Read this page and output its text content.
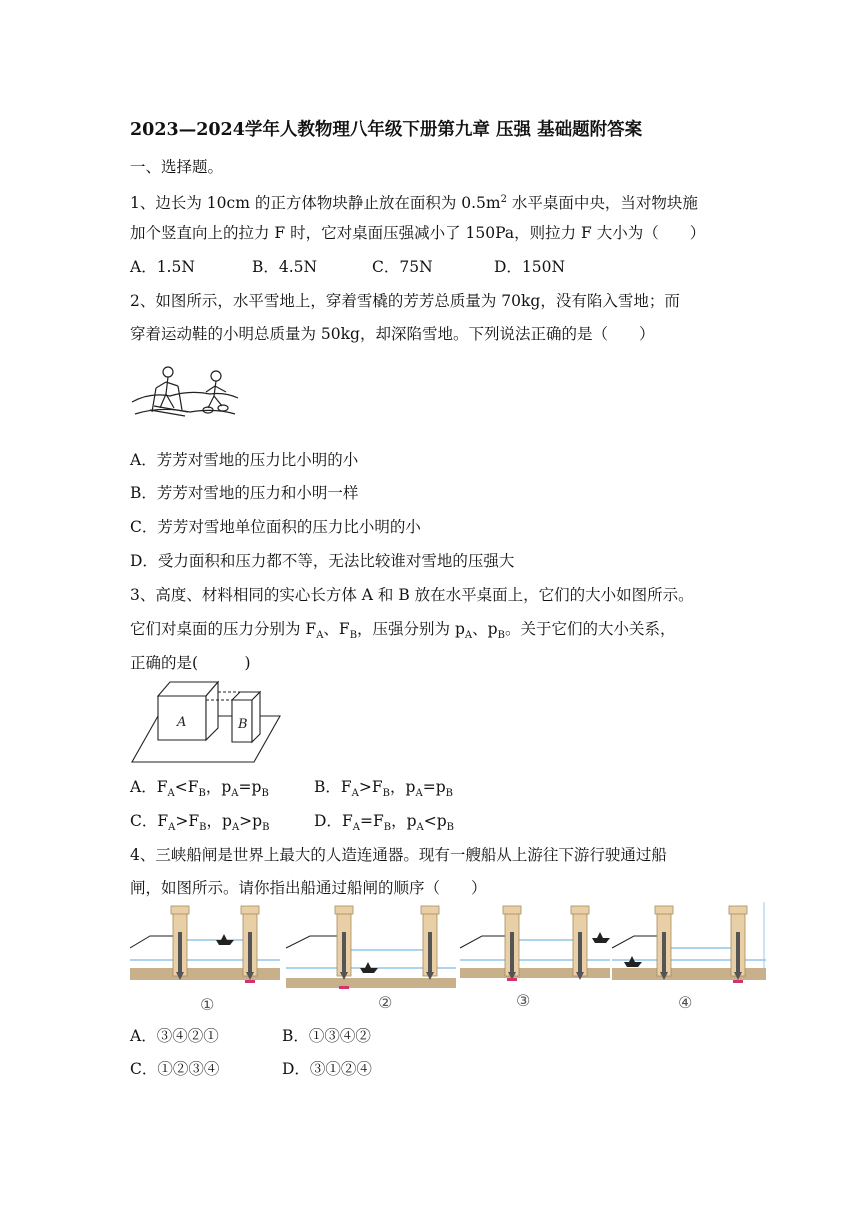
2023—2024学年人教物理八年级下册第九章 压强 基础题附答案
一、选择题。
1、边长为 10cm 的正方体物块静止放在面积为 $0.5m^2$ 水平桌面中央，当对物块施
加个竖直向上的拉力 F 时，它对桌面压强减小了 150Pa，则拉力 F 大小为（　　）
A．1.5N	B．4.5N	C．75N	D．150N
2、如图所示，水平雪地上，穿着雪橇的芳芳总质量为 70kg，没有陷入雪地；而
穿着运动鞋的小明总质量为 50kg，却深陷雪地。下列说法正确的是（　　）
A．芳芳对雪地的压力比小明的小
B．芳芳对雪地的压力和小明一样
C．芳芳对雪地单位面积的压力比小明的小
D．受力面积和压力都不等，无法比较谁对雪地的压强大
3、高度、材料相同的实心长方体 A 和 B 放在水平桌面上，它们的大小如图所示。
它们对桌面的压力分别为 $F_A$、$F_B$，压强分别为 $p_A$、$p_B$。关于它们的大小关系，
正确的是(　　　)
A	B
A．$F_A<F_B$，$p_A=p_B$	B．$F_A>F_B$，$p_A=p_B$
C．$F_A>F_B$，$p_A>p_B$	D．$F_A=F_B$，$p_A<p_B$
4、三峡船闸是世界上最大的人造连通器。现有一艘船从上游往下游行驶通过船
闸，如图所示。请你指出船通过船闸的顺序（　　）
①	②	③	④
A．③④②①	B．①③④②
C．①②③④	D．③①②④
